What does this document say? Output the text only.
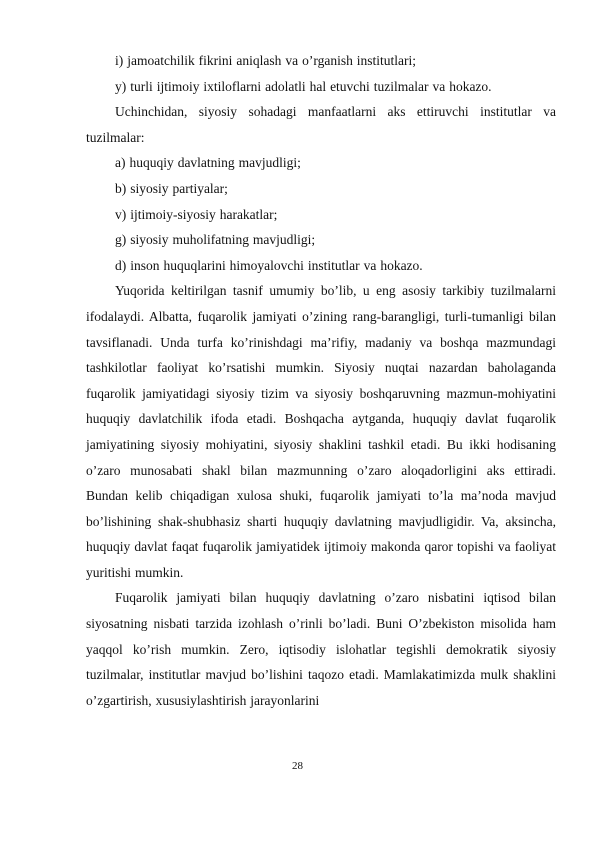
i) jamoatchilik fikrini aniqlash va o’rganish institutlari;

y) turli ijtimoiy ixtiloflarni adolatli hal etuvchi tuzilmalar va hokazo.

Uchinchidan, siyosiy sohadagi manfaatlarni aks ettiruvchi institutlar va tuzilmalar:

a) huquqiy davlatning mavjudligi;

b) siyosiy partiyalar;

v) ijtimoiy-siyosiy harakatlar;

g) siyosiy muholifatning mavjudligi;

d) inson huquqlarini himoyalovchi institutlar va hokazo.

Yuqorida keltirilgan tasnif umumiy bo’lib, u eng asosiy tarkibiy tuzilmalarni ifodalaydi. Albatta, fuqarolik jamiyati o’zining rang-barangligi, turli-tumanligi bilan tavsiflanadi. Unda turfa ko’rinishdagi ma’rifiy, madaniy va boshqa mazmundagi tashkilotlar faoliyat ko’rsatishi mumkin. Siyosiy nuqtai nazardan baholaganda fuqarolik jamiyatidagi siyosiy tizim va siyosiy boshqaruvning mazmun-mohiyatini huquqiy davlatchilik ifoda etadi. Boshqacha aytganda, huquqiy davlat fuqarolik jamiyatining siyosiy mohiyatini, siyosiy shaklini tashkil etadi. Bu ikki hodisaning o’zaro munosabati shakl bilan mazmunning o’zaro aloqadorligini aks ettiradi. Bundan kelib chiqadigan xulosa shuki, fuqarolik jamiyati to’la ma’noda mavjud bo’lishining shak-shubhasiz sharti huquqiy davlatning mavjudligidir. Va, aksincha, huquqiy davlat faqat fuqarolik jamiyatidek ijtimoiy makonda qaror topishi va faoliyat yuritishi mumkin.

Fuqarolik jamiyati bilan huquqiy davlatning o’zaro nisbatini iqtisod bilan siyosatning nisbati tarzida izohlash o’rinli bo’ladi. Buni O’zbekiston misolida ham yaqqol ko’rish mumkin. Zero, iqtisodiy islohatlar tegishli demokratik siyosiy tuzilmalar, institutlar mavjud bo’lishini taqozo etadi. Mamlakatimizda mulk shaklini o’zgartirish, xususiylashtirish jarayonlarini

28
